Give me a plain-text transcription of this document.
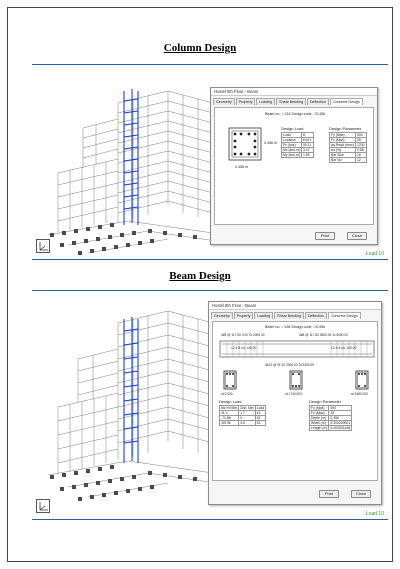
Column Design
Load 10
Hostel 8th Floor - Beam
Geometry	Property	Loading	Shear Bending	Deflection	Concrete Design
Beam no. = 216 Design code : IS-456
0.456 m
0.456 m
Design Load
Load	8
Location	End 1
Pu (kns)	59.11
Mz (kns-m)	3.47
My (kns-m)	1.95
Design Parameter
Fy (Mpa)	500
Fc (Mpa)	25
As Reqd (mm²)	1200
As (%)	0.88
Bar Size	16
Bar No	12
Print	Close
Beam Design
Load 10
Hostel 8th Floor - Beam
Geometry	Property	Loading	Shear Bending	Deflection	Concrete Design
Beam no. = 536 Design code : IS-456
3#8 @ 117.60 0.00 To 2000.00	3#8 @ 117.60 3500.00 To 5400.00
12 # 8 c/c 140.00	12 # 8 c/c 140.00
3#12 @ 91.20 2000.00 To 3400.00
at 0.000	at 1740.000	at 3480.000
Design Load
Mz Kn Met	Dist. Met	Load
41.4	1.7	43
-71.88	0	43
-65.96	3.5	43
Design Parameter
Fy (Mpa)	500
Fc (Mpa)	25
Depth (m)	0.456
Width (m)	0.300000001
Length (m)	5.400001448
Print	Close
